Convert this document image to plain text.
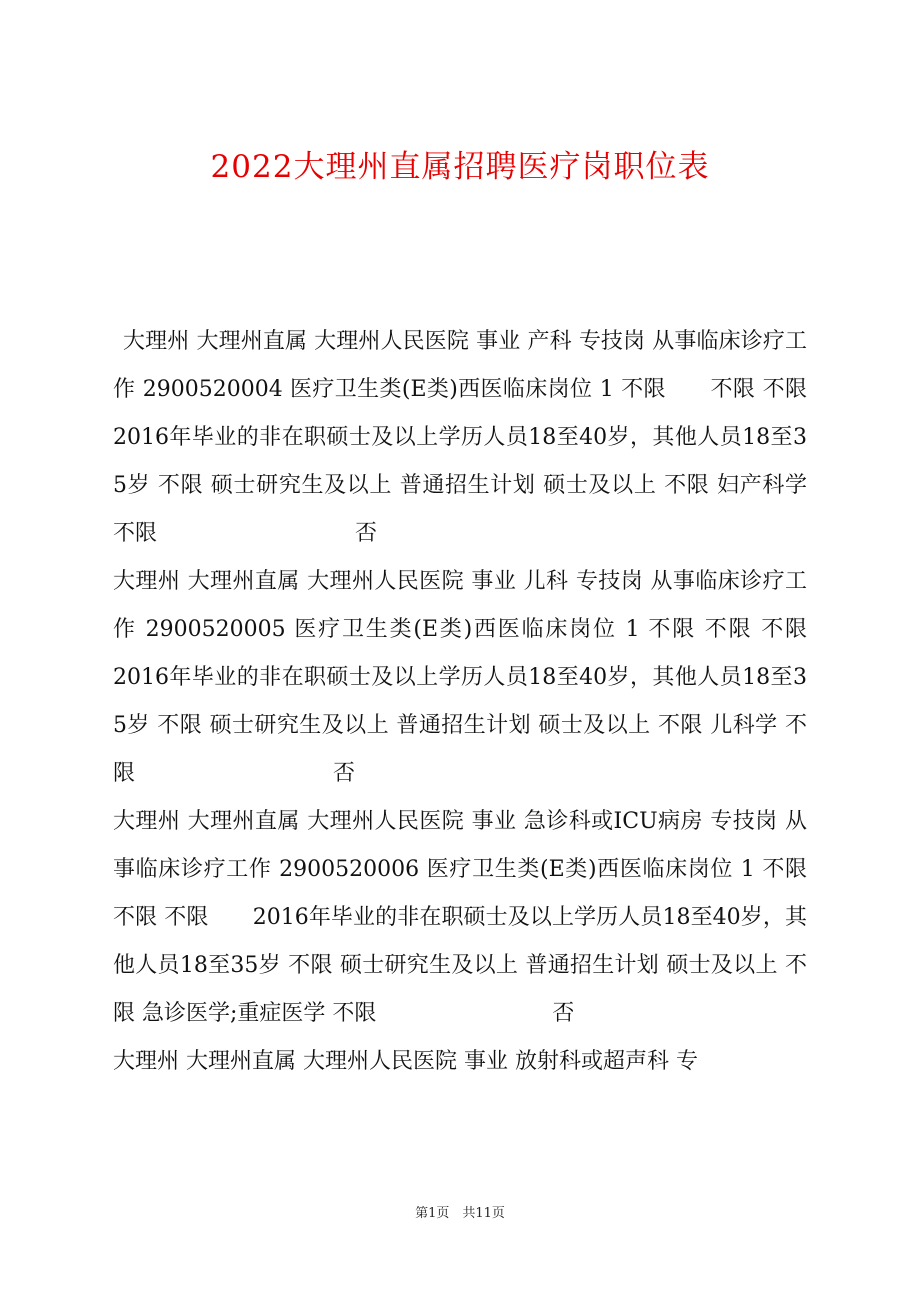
2022大理州直属招聘医疗岗职位表

大理州 大理州直属 大理州人民医院 事业 产科 专技岗 从事临床诊疗工作 2900520004 医疗卫生类(E类)西医临床岗位 1 不限　　不限 不限　　2016年毕业的非在职硕士及以上学历人员18至40岁，其他人员18至35岁 不限 硕士研究生及以上 普通招生计划 硕士及以上 不限 妇产科学 不限　　　　　　　　　否

大理州 大理州直属 大理州人民医院 事业 儿科 专技岗 从事临床诊疗工作 2900520005 医疗卫生类(E类)西医临床岗位 1 不限 不限 不限　　2016年毕业的非在职硕士及以上学历人员18至40岁，其他人员18至35岁 不限 硕士研究生及以上 普通招生计划 硕士及以上 不限 儿科学 不限　　　　　　　　　否

大理州 大理州直属 大理州人民医院 事业 急诊科或ICU病房 专技岗 从事临床诊疗工作 2900520006 医疗卫生类(E类)西医临床岗位 1 不限　　不限 不限　　2016年毕业的非在职硕士及以上学历人员18至40岁，其他人员18至35岁 不限 硕士研究生及以上 普通招生计划 硕士及以上 不限 急诊医学;重症医学 不限　　　　　　　　否

大理州 大理州直属 大理州人民医院 事业 放射科或超声科 专

第1页　共11页
